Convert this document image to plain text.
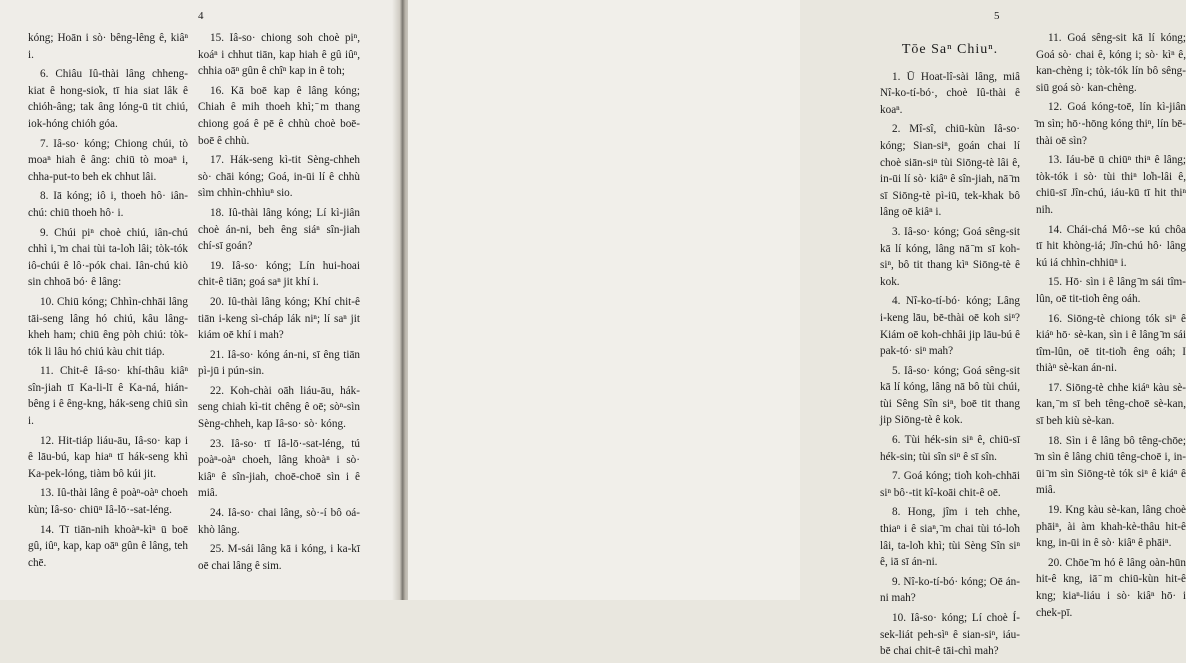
4

kóng; Hoān i sò· bêng-lêng ê, kiâⁿ i.

6. Chiâu Iû-thài lâng chheng-kiat ê hong-sio̍k, tī hia siat lâk ê chióh-âng; tak âng lóng-ū tit chiú, iok-hóng chióh góa.

7. Iâ-so· kóng; Chiong chúi, tò moaⁿ hiah ê âng: chiū tò moaⁿ i, chha-put-to beh ek chhut lâi.

8. Iā kóng; iô i, thoeh hô· iân-chú: chiū thoeh hô· i.

9. Chúi piⁿ choè chiú, iân-chú chhì i, ̄m chai tùi ta-lo̍h lâi; tòk-tók iô-chúi ê lô·-pók chai. Iân-chú kiò sin chhoā bó· ê lâng:

10. Chiū kóng; Chhìn-chhāi lâng tāi-seng lâng hó chiú, kâu lâng-kheh ham; chiū êng pòh chiú: tòk-tók li lâu hó chiú kàu chit tiáp.

11. Chit-ê Iâ-so· khí-thâu kiâⁿ sîn-jiah tī Ka-li-lī ê Ka-ná, hián-bêng i ê êng-kng, hák-seng chiū sìn i.

12. Hit-tiáp liáu-āu, Iâ-so· kap i ê lāu-bú, kap hiaⁿ tī hák-seng khì Ka-pek-lóng, tiàm bô kúi jit.

13. Iû-thài lâng ê poàⁿ-oàⁿ choeh kùn; Iâ-so· chiūⁿ Iâ-lō·-sat-léng.

14. Tī tiān-nih khoàⁿ-kìⁿ ū boē gû, iûⁿ, kap, kap oāⁿ gûn ê lâng, teh chē.

15. Iâ-so· chiong soh choè piⁿ, koáⁿ i chhut tiān, kap hiah ê gû iûⁿ, chhia oāⁿ gûn ê chîⁿ kap in ê toh;

16. Kā boē kap ê lâng kóng; Chiah ê mih thoeh khì; ̄m thang chiong goá ê pē ê chhù choè boē-boē ê chhù.

17. Hák-seng kì-tit Sèng-chheh sò· chāi kóng; Goá, in-ūi lí ê chhù sìm chhìn-chhìuⁿ sio.

18. Iû-thài lâng kóng; Lí kì-jiân choè án-ni, beh êng siáⁿ sîn-jiah chí-sī goán?

19. Iâ-so· kóng; Lín hui-hoai chit-ê tiān; goá saⁿ jit khí i.

20. Iû-thài lâng kóng; Khí chit-ê tiān i-keng sì-cháp lák niⁿ; lí saⁿ jit kiám oē khí i mah?

21. Iâ-so· kóng án-ni, sī êng tiān pì-jū i pún-sin.

22. Koh-chài oāh liáu-āu, hák-seng chiah kì-tit chêng ê oē; sòⁿ-sìn Sèng-chheh, kap Iâ-so· sò· kóng.

23. Iâ-so· tī Iâ-lō·-sat-léng, tú poàⁿ-oàⁿ choeh, lâng khoàⁿ i sò· kiâⁿ ê sîn-jiah, choē-choē sìn i ê miâ.

24. Iâ-so· chai lâng, sò·-í bô oá-khò lâng.

25. M-sái lâng kā i kóng, i ka-kī oē chai lâng ê sim.

5

Tōe Saⁿ Chiuⁿ.

1. Ū Hoat-lî-sài lâng, miâ Nî-ko-tí-bó·, choè Iû-thài ê koaⁿ.

2. Mî-sî, chiū-kùn Iâ-so· kóng; Sian-siⁿ, goán chai lí choè siān-siⁿ tùi Siōng-tè lâi ê, in-ūi lí sò· kiâⁿ ê sîn-jiah, nā ̄m sī Siōng-tè pì-iū, tek-khak bô lâng oē kiâⁿ i.

3. Iâ-so· kóng; Goá sêng-sit kā lí kóng, lâng nā ̄m sī koh-siⁿ, bô tit thang kìⁿ Siōng-tè ê kok.

4. Nî-ko-tí-bó· kóng; Lâng i-keng lāu, bē-thài oē koh siⁿ? Kiám oē koh-chhâi jip lāu-bú ê pak-tó· siⁿ mah?

5. Iâ-so· kóng; Goá sêng-sit kā lí kóng, lâng nā bô tùi chúi, tùi Sêng Sîn siⁿ, boē tit thang jip Siōng-tè ê kok.

6. Tùi hék-sin siⁿ ê, chiū-sī hék-sin; tùi sîn siⁿ ê sī sîn.

7. Goá kóng; tio̍h koh-chhāi siⁿ bô·-tit kî-koāi chit-ê oē.

8. Hong, jîm i teh chhe, thiaⁿ i ê siaⁿ, ̄m chai tùi tó-lo̍h lâi, ta-lo̍h khì; tùi Sèng Sîn siⁿ ê, iā sī án-ni.

9. Nî-ko-tí-bó· kóng; Oē án-ni mah?

10. Iâ-so· kóng; Lí choè Í-sek-liát peh-sìⁿ ê sian-siⁿ, iáu-bē chai chit-ê tāi-chì mah?

11. Goá sêng-sit kā lí kóng; Goá sò· chai ê, kóng i; sò· kìⁿ ê, kan-chèng i; tòk-tók lín bô sêng-siū goá sò· kan-chèng.

12. Goá kóng-toē, lín kì-jiân ̄m sìn; hō·-hōng kóng thiⁿ, lín bē-thài oē sìn?

13. Iáu-bē ū chiūⁿ thiⁿ ê lâng; tòk-tók i sò· tùi thiⁿ lo̍h-lâi ê, chiū-sī Jîn-chú, iáu-kū tī hit thiⁿ nih.

14. Chái-chá Mô·-se kú chôa tī hit khòng-iá; Jîn-chú hô· lâng kú iá chhìn-chhiūⁿ i.

15. Hō· sìn i ê lâng ̄m sái tîm-lûn, oē tit-tio̍h êng oáh.

16. Siōng-tè chiong tók siⁿ ê kiáⁿ hō· sè-kan, sìn i ê lâng ̄m sái tîm-lûn, oē tit-tio̍h êng oáh; I thiàⁿ sè-kan án-ni.

17. Siōng-tè chhe kiáⁿ kàu sè-kan, ̄m sī beh têng-choē sè-kan, sī beh kiù sè-kan.

18. Sìn i ê lâng bô têng-chōe; ̄m sìn ê lâng chiū têng-choē i, in-ūi ̄m sìn Siōng-tè tók siⁿ ê kiáⁿ ê miâ.

19. Kng kàu sè-kan, lâng choè phāiⁿ, ài àm khah-kè-thâu hit-ê kng, in-ūi in ê sò· kiâⁿ ê phāiⁿ.

20. Chōe ̄m hó ê lâng oàn-hūn hit-ê kng, iā ̄m chiū-kùn hit-ê kng; kiaⁿ-liáu i sò· kiâⁿ hō· i chek-pī.
